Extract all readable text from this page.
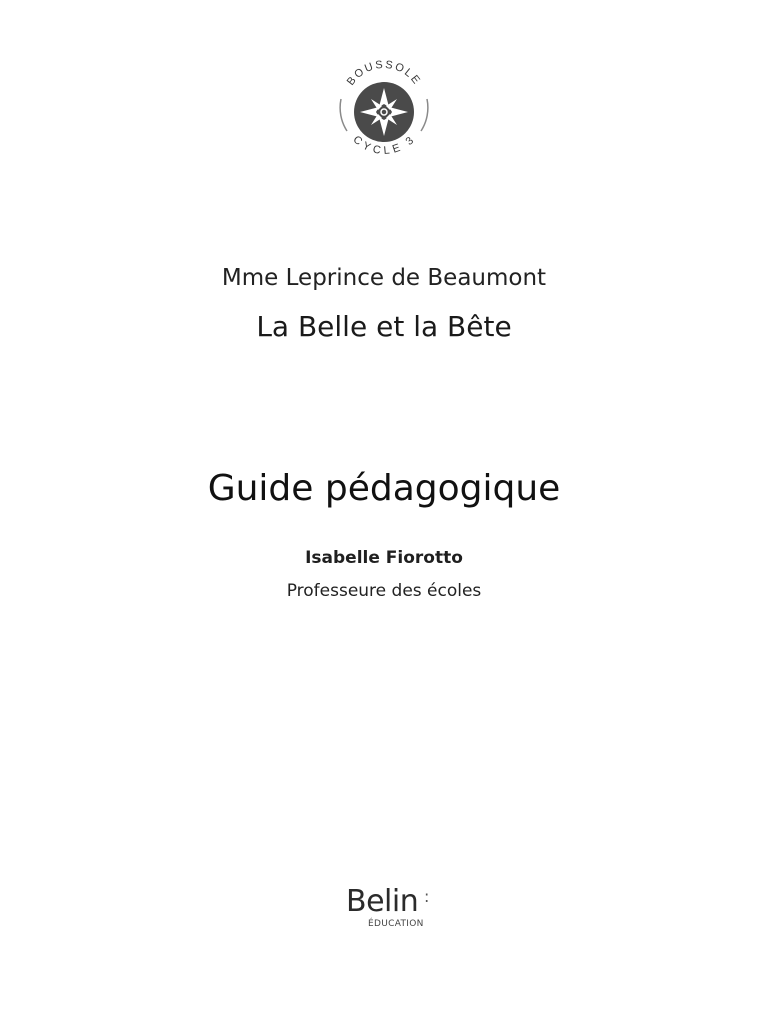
BOUSSOLE
CYCLE 3
Mme Leprince de Beaumont
La Belle et la Bête
Guide pédagogique
Isabelle Fiorotto
Professeure des écoles
Belin :
ÉDUCATION
